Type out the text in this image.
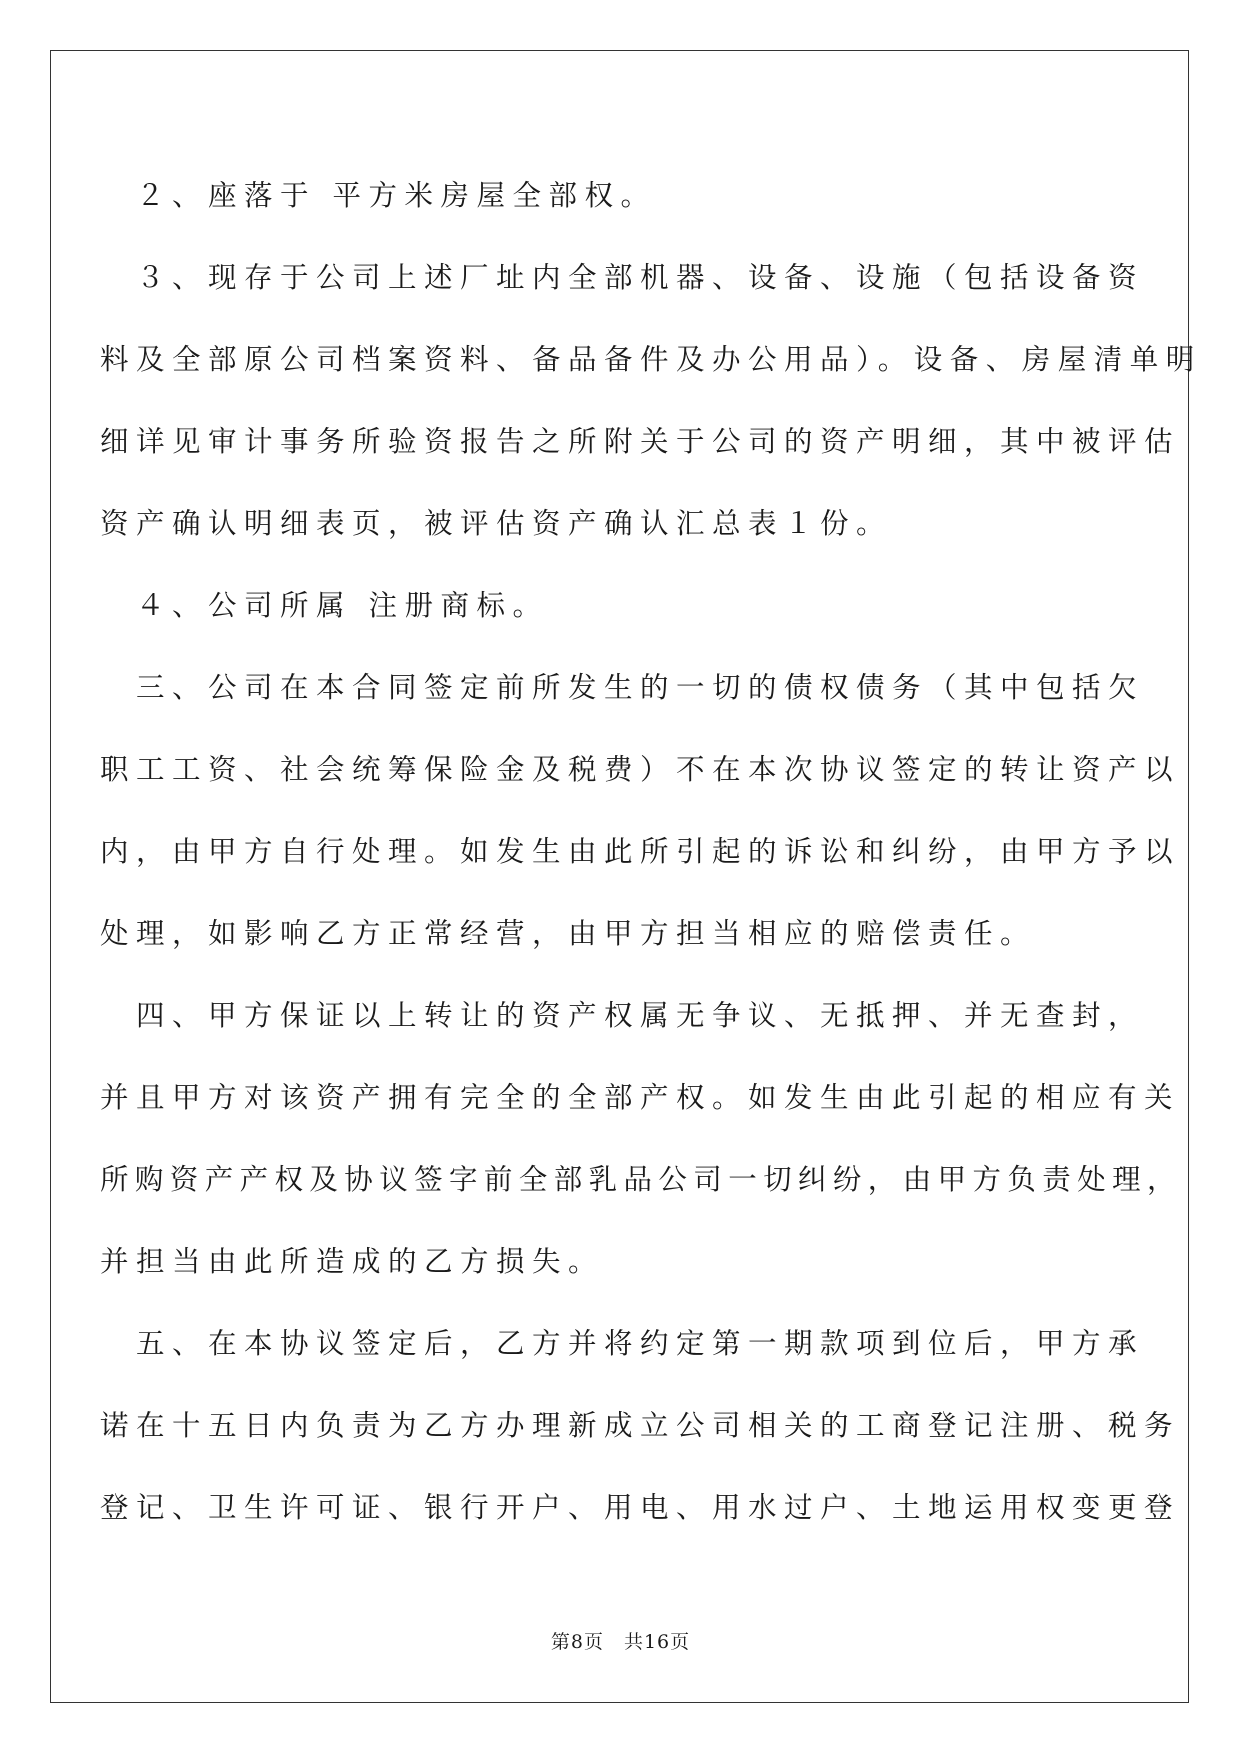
　２、座落于 平方米房屋全部权。
　３、现存于公司上述厂址内全部机器、设备、设施（包括设备资
料及全部原公司档案资料、备品备件及办公用品）。设备、房屋清单明
细详见审计事务所验资报告之所附关于公司的资产明细，其中被评估
资产确认明细表页，被评估资产确认汇总表１份。
　４、公司所属 注册商标。
　三、公司在本合同签定前所发生的一切的债权债务（其中包括欠
职工工资、社会统筹保险金及税费）不在本次协议签定的转让资产以
内，由甲方自行处理。如发生由此所引起的诉讼和纠纷，由甲方予以
处理，如影响乙方正常经营，由甲方担当相应的赔偿责任。
　四、甲方保证以上转让的资产权属无争议、无抵押、并无查封，
并且甲方对该资产拥有完全的全部产权。如发生由此引起的相应有关
所购资产产权及协议签字前全部乳品公司一切纠纷，由甲方负责处理，
并担当由此所造成的乙方损失。
　五、在本协议签定后，乙方并将约定第一期款项到位后，甲方承
诺在十五日内负责为乙方办理新成立公司相关的工商登记注册、税务
登记、卫生许可证、银行开户、用电、用水过户、土地运用权变更登
第8页　共16页
